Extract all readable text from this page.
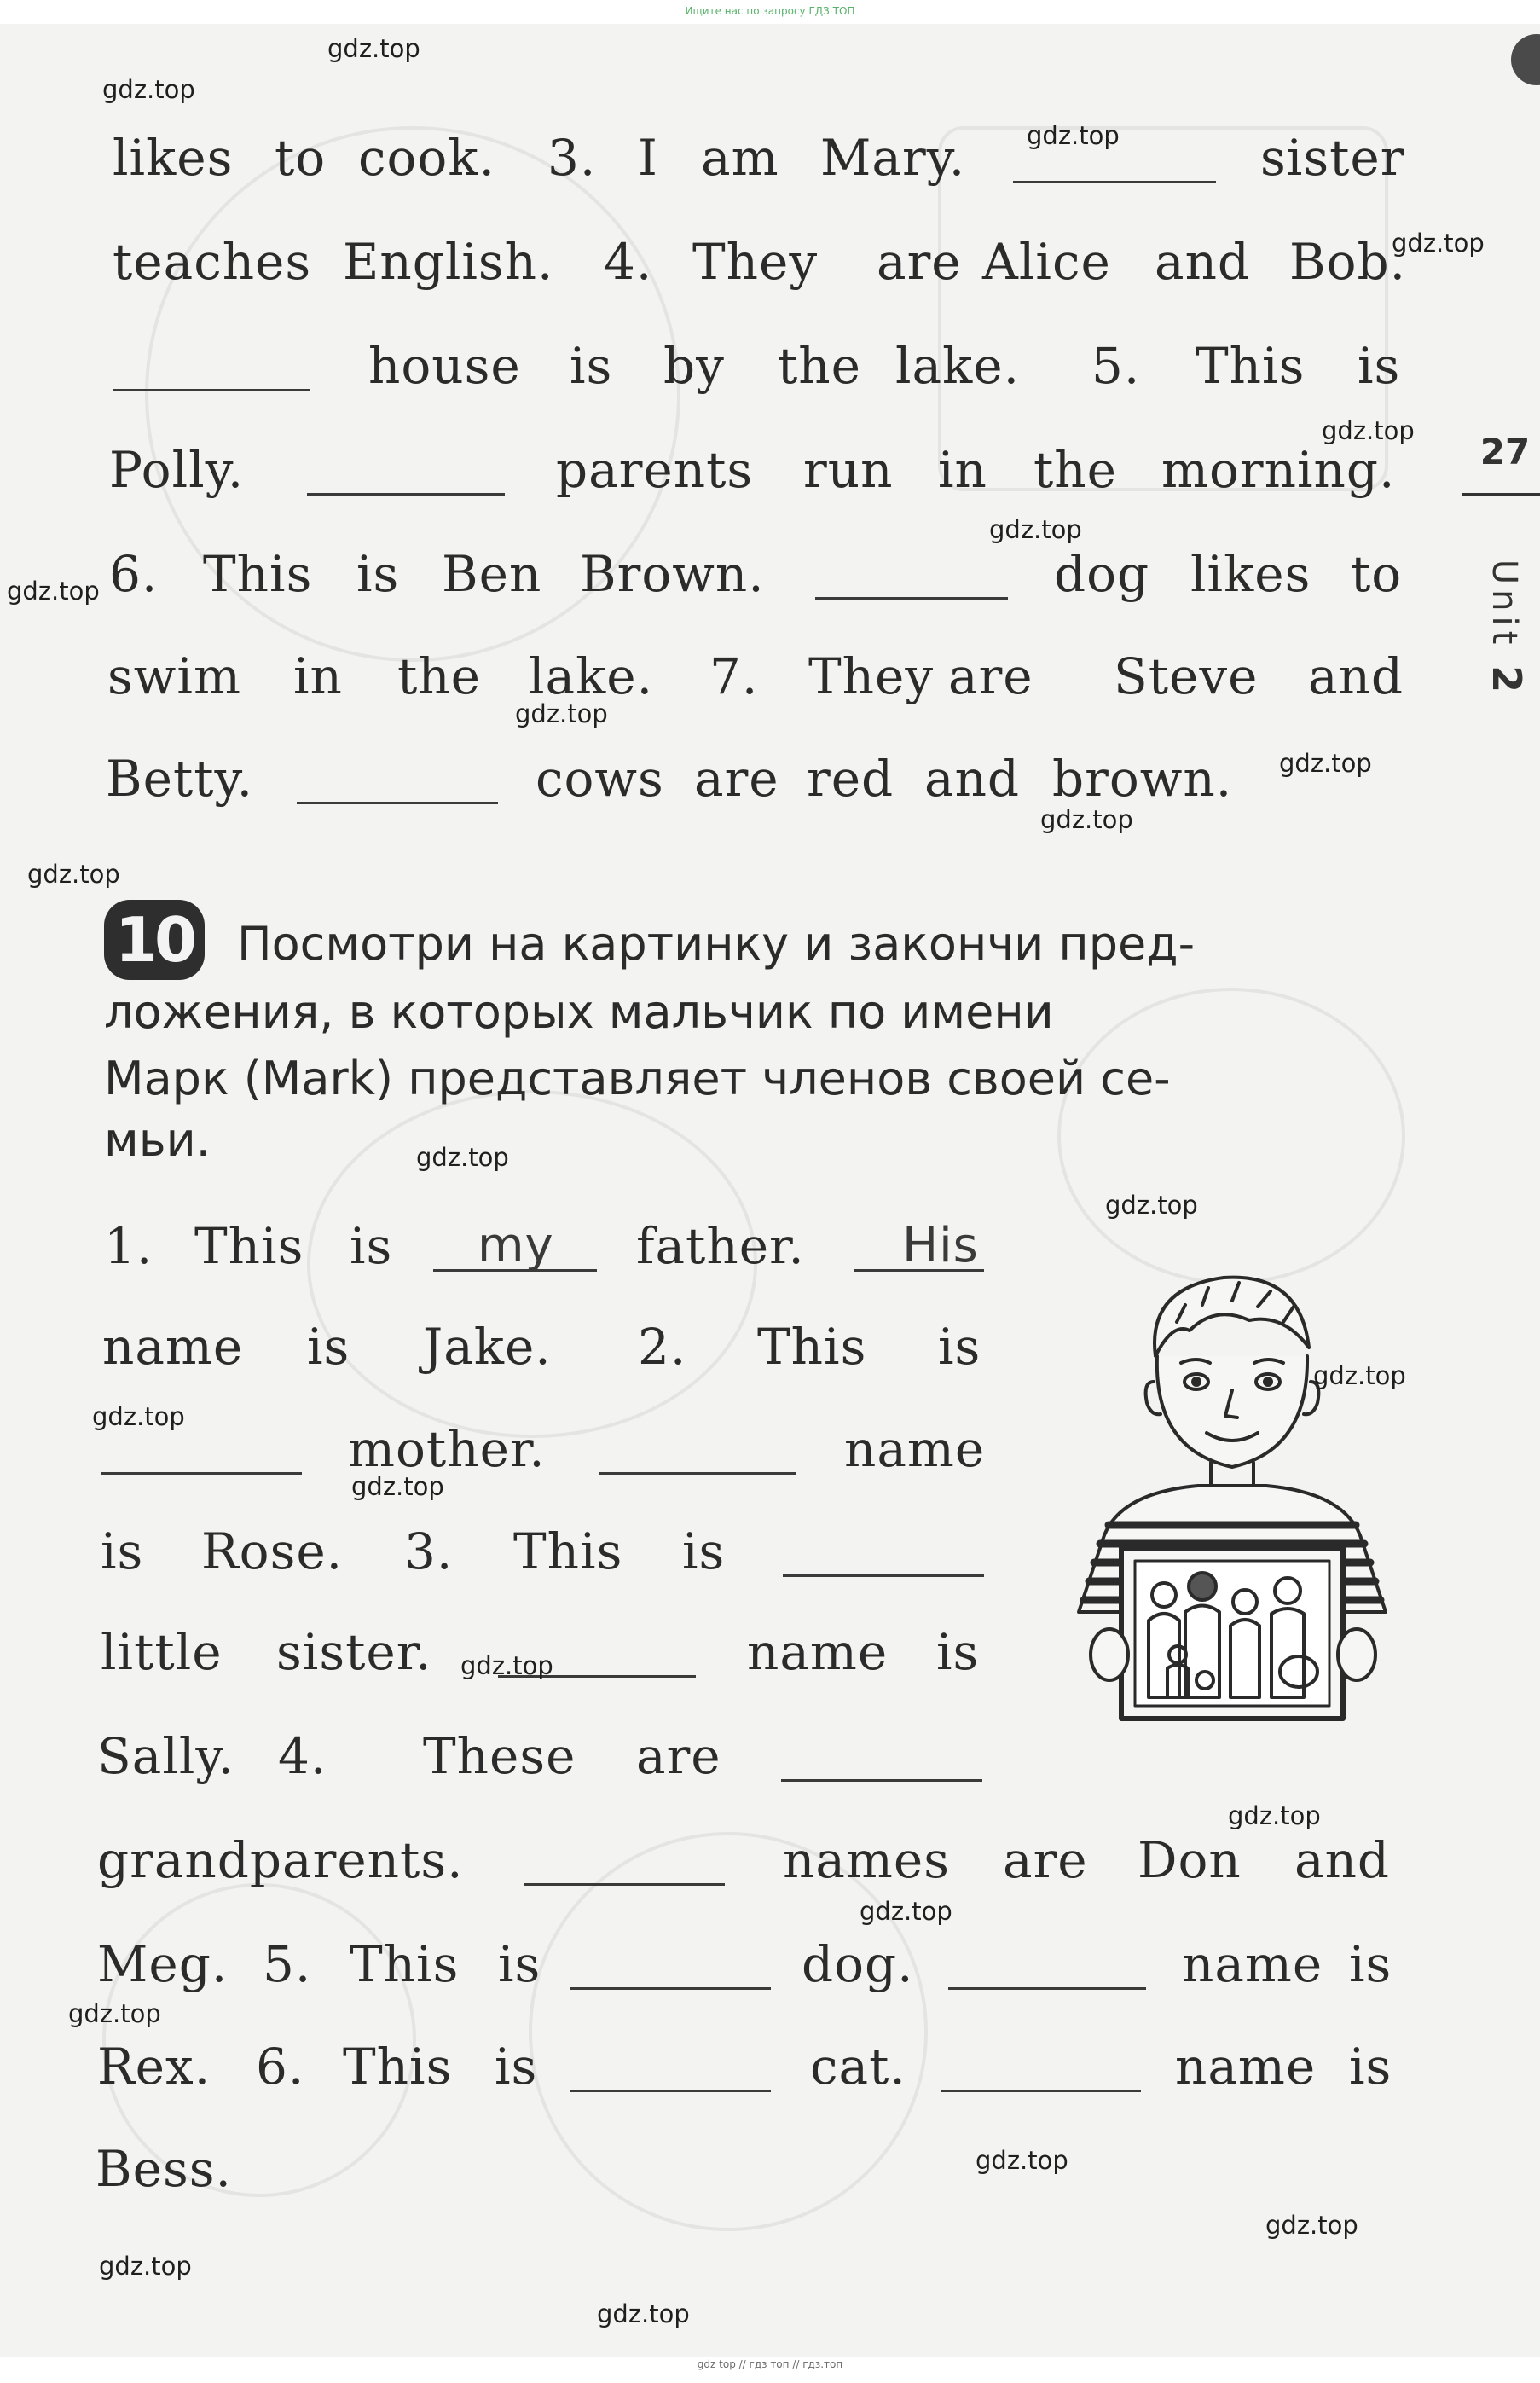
Ищите нас по запросу ГДЗ ТОП
gdz top // гдз топ // гдз.топ
27
Unit 2
likes to cook. 3. I am Mary.	sister
teaches English. 4. They are Alice and Bob.
house is by the lake. 5. This is
Polly.	parents run in the morning.
6. This is Ben Brown.	dog likes to
swim in the lake. 7. They are Steve and
Betty.	cows are red and brown.
10 Посмотри на картинку и закончи пред-
ложения, в которых мальчик по имени
Марк (Mark) представляет членов своей се-
мьи.
1. This is my father. His
name is Jake. 2. This is
mother.	name
is Rose. 3. This is
little sister.	name is
Sally. 4. These are
grandparents.	names are Don and
Meg. 5. This is	dog.	name is
Rex. 6. This is	cat.	name is
Bess.
gdz.top
gdz.top
gdz.top
gdz.top
gdz.top
gdz.top
gdz.top
gdz.top
gdz.top
gdz.top
gdz.top
gdz.top
gdz.top
gdz.top
gdz.top
gdz.top
gdz.top
gdz.top
gdz.top
gdz.top
gdz.top
gdz.top
gdz.top
gdz.top
